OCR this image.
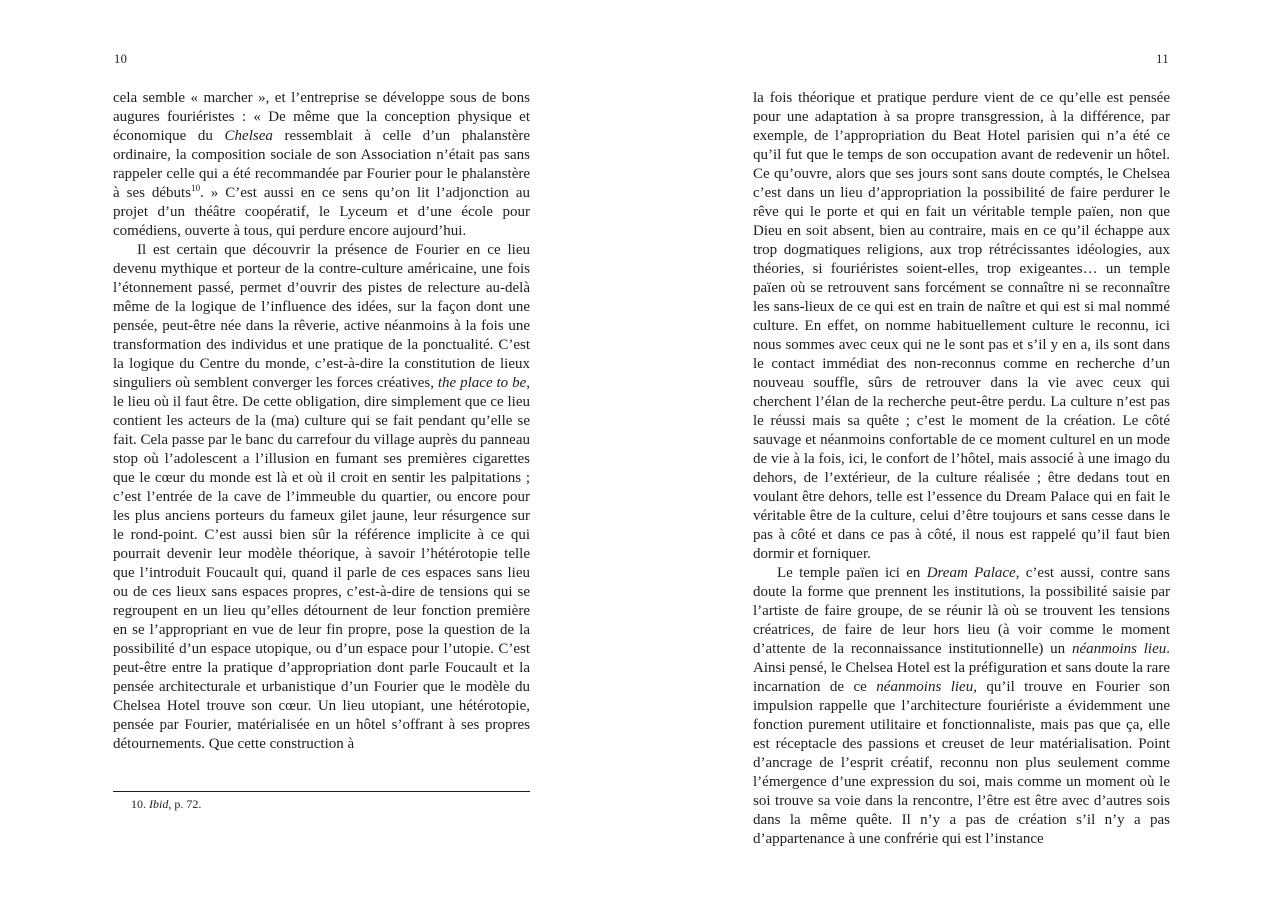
10	11

cela semble « marcher », et l’entreprise se développe sous de bons augures fouriéristes : « De même que la conception physique et économique du Chelsea ressemblait à celle d’un phalanstère ordinaire, la composition sociale de son Association n’était pas sans rappeler celle qui a été recommandée par Fourier pour le phalanstère à ses débuts$^{10}$. » C’est aussi en ce sens qu’on lit l’adjonction au projet d’un théâtre coopératif, le Lyceum et d’une école pour comédiens, ouverte à tous, qui perdure encore aujourd’hui.

Il est certain que découvrir la présence de Fourier en ce lieu devenu mythique et porteur de la contre-culture américaine, une fois l’étonnement passé, permet d’ouvrir des pistes de relecture au-delà même de la logique de l’influence des idées, sur la façon dont une pensée, peut-être née dans la rêverie, active néanmoins à la fois une transformation des individus et une pratique de la ponctualité. C’est la logique du Centre du monde, c’est-à-dire la constitution de lieux singuliers où semblent converger les forces créatives, the place to be, le lieu où il faut être. De cette obligation, dire simplement que ce lieu contient les acteurs de la (ma) culture qui se fait pendant qu’elle se fait. Cela passe par le banc du carrefour du village auprès du panneau stop où l’adolescent a l’illusion en fumant ses premières cigarettes que le cœur du monde est là et où il croit en sentir les palpitations ; c’est l’entrée de la cave de l’immeuble du quartier, ou encore pour les plus anciens porteurs du fameux gilet jaune, leur résurgence sur le rond-point. C’est aussi bien sûr la référence implicite à ce qui pourrait devenir leur modèle théorique, à savoir l’hétérotopie telle que l’introduit Foucault qui, quand il parle de ces espaces sans lieu ou de ces lieux sans espaces propres, c’est-à-dire de tensions qui se regroupent en un lieu qu’elles détournent de leur fonction première en se l’appropriant en vue de leur fin propre, pose la question de la possibilité d’un espace utopique, ou d’un espace pour l’utopie. C’est peut-être entre la pratique d’appropriation dont parle Foucault et la pensée architecturale et urbanistique d’un Fourier que le modèle du Chelsea Hotel trouve son cœur. Un lieu utopiant, une hétérotopie, pensée par Fourier, matérialisée en un hôtel s’offrant à ses propres détournements. Que cette construction à

la fois théorique et pratique perdure vient de ce qu’elle est pensée pour une adaptation à sa propre transgression, à la différence, par exemple, de l’appropriation du Beat Hotel parisien qui n’a été ce qu’il fut que le temps de son occupation avant de redevenir un hôtel. Ce qu’ouvre, alors que ses jours sont sans doute comptés, le Chelsea c’est dans un lieu d’appropriation la possibilité de faire perdurer le rêve qui le porte et qui en fait un véritable temple païen, non que Dieu en soit absent, bien au contraire, mais en ce qu’il échappe aux trop dogmatiques religions, aux trop rétrécissantes idéologies, aux théories, si fouriéristes soient-elles, trop exigeantes… un temple païen où se retrouvent sans forcément se connaître ni se reconnaître les sans-lieux de ce qui est en train de naître et qui est si mal nommé culture. En effet, on nomme habituellement culture le reconnu, ici nous sommes avec ceux qui ne le sont pas et s’il y en a, ils sont dans le contact immédiat des non-reconnus comme en recherche d’un nouveau souffle, sûrs de retrouver dans la vie avec ceux qui cherchent l’élan de la recherche peut-être perdu. La culture n’est pas le réussi mais sa quête ; c’est le moment de la création. Le côté sauvage et néanmoins confortable de ce moment culturel en un mode de vie à la fois, ici, le confort de l’hôtel, mais associé à une imago du dehors, de l’extérieur, de la culture réalisée ; être dedans tout en voulant être dehors, telle est l’essence du Dream Palace qui en fait le véritable être de la culture, celui d’être toujours et sans cesse dans le pas à côté et dans ce pas à côté, il nous est rappelé qu’il faut bien dormir et forniquer.

Le temple païen ici en Dream Palace, c’est aussi, contre sans doute la forme que prennent les institutions, la possibilité saisie par l’artiste de faire groupe, de se réunir là où se trouvent les tensions créatrices, de faire de leur hors lieu (à voir comme le moment d’attente de la reconnaissance institutionnelle) un néanmoins lieu. Ainsi pensé, le Chelsea Hotel est la préfiguration et sans doute la rare incarnation de ce néanmoins lieu, qu’il trouve en Fourier son impulsion rappelle que l’architecture fouriériste a évidemment une fonction purement utilitaire et fonctionnaliste, mais pas que ça, elle est réceptacle des passions et creuset de leur matérialisation. Point d’ancrage de l’esprit créatif, reconnu non plus seulement comme l’émergence d’une expression du soi, mais comme un moment où le soi trouve sa voie dans la rencontre, l’être est être avec d’autres sois dans la même quête. Il n’y a pas de création s’il n’y a pas d’appartenance à une confrérie qui est l’instance

10. Ibid, p. 72.
